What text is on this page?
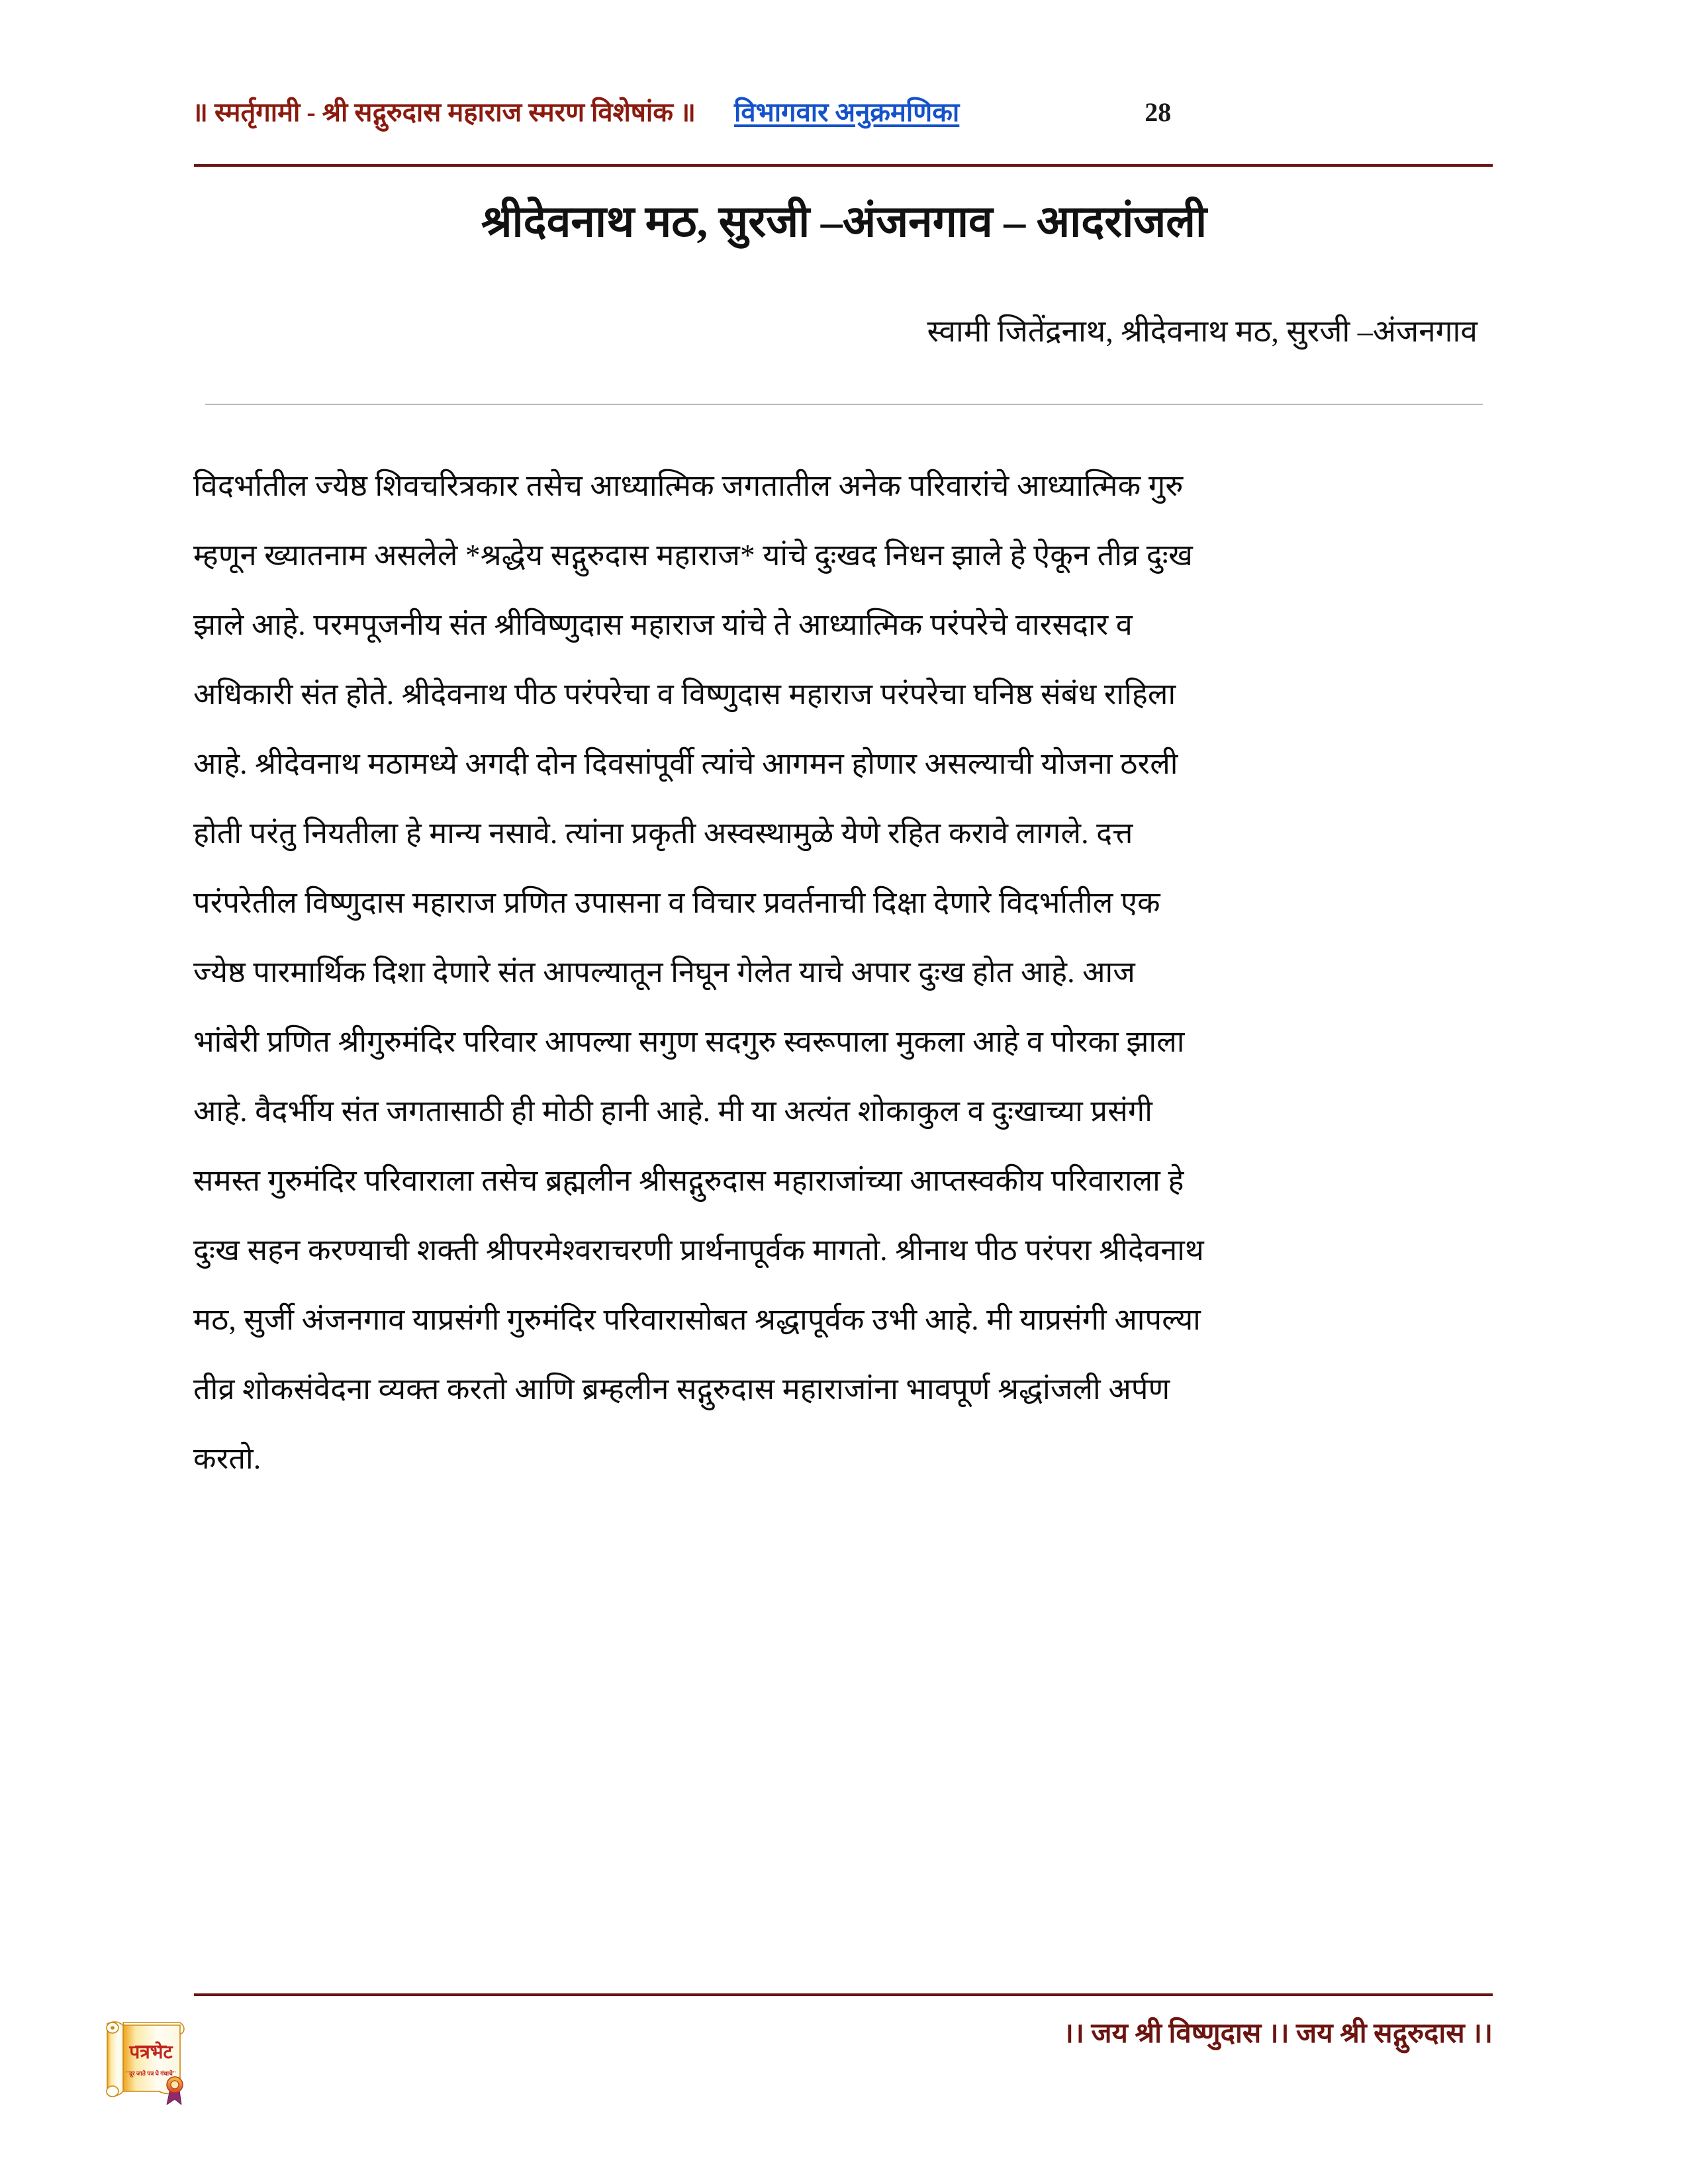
॥ स्मर्तृगामी - श्री सद्गुरुदास महाराज स्मरण विशेषांक ॥ विभागवार अनुक्रमणिका	28
श्रीदेवनाथ मठ, सुरजी –अंजनगाव – आदरांजली
स्वामी जितेंद्रनाथ, श्रीदेवनाथ मठ, सुरजी –अंजनगाव
विदर्भातील ज्येष्ठ शिवचरित्रकार तसेच आध्यात्मिक जगतातील अनेक परिवारांचे आध्यात्मिक गुरु
म्हणून ख्यातनाम असलेले *श्रद्धेय सद्गुरुदास महाराज* यांचे दुःखद निधन झाले हे ऐकून तीव्र दुःख
झाले आहे. परमपूजनीय संत श्रीविष्णुदास महाराज यांचे ते आध्यात्मिक परंपरेचे वारसदार व
अधिकारी संत होते. श्रीदेवनाथ पीठ परंपरेचा व विष्णुदास महाराज परंपरेचा घनिष्ठ संबंध राहिला
आहे. श्रीदेवनाथ मठामध्ये अगदी दोन दिवसांपूर्वी त्यांचे आगमन होणार असल्याची योजना ठरली
होती परंतु नियतीला हे मान्य नसावे. त्यांना प्रकृती अस्वस्थामुळे येणे रहित करावे लागले. दत्त
परंपरेतील विष्णुदास महाराज प्रणित उपासना व विचार प्रवर्तनाची दिक्षा देणारे विदर्भातील एक
ज्येष्ठ पारमार्थिक दिशा देणारे संत आपल्यातून निघून गेलेत याचे अपार दुःख होत आहे. आज
भांबेरी प्रणित श्रीगुरुमंदिर परिवार आपल्या सगुण सदगुरु स्वरूपाला मुकला आहे व पोरका झाला
आहे. वैदर्भीय संत जगतासाठी ही मोठी हानी आहे. मी या अत्यंत शोकाकुल व दुःखाच्या प्रसंगी
समस्त गुरुमंदिर परिवाराला तसेच ब्रह्मलीन श्रीसद्गुरुदास महाराजांच्या आप्तस्वकीय परिवाराला हे
दुःख सहन करण्याची शक्ती श्रीपरमेश्वराचरणी प्रार्थनापूर्वक मागतो. श्रीनाथ पीठ परंपरा श्रीदेवनाथ
मठ, सुर्जी अंजनगाव याप्रसंगी गुरुमंदिर परिवारासोबत श्रद्धापूर्वक उभी आहे. मी याप्रसंगी आपल्या
तीव्र शोकसंवेदना व्यक्त करतो आणि ब्रम्हलीन सद्गुरुदास महाराजांना भावपूर्ण श्रद्धांजली अर्पण
करतो.
।। जय श्री विष्णुदास ।। जय श्री सद्गुरुदास ।।
पत्रभेट
"दूर जाते पत्र घे गंधाचे"
